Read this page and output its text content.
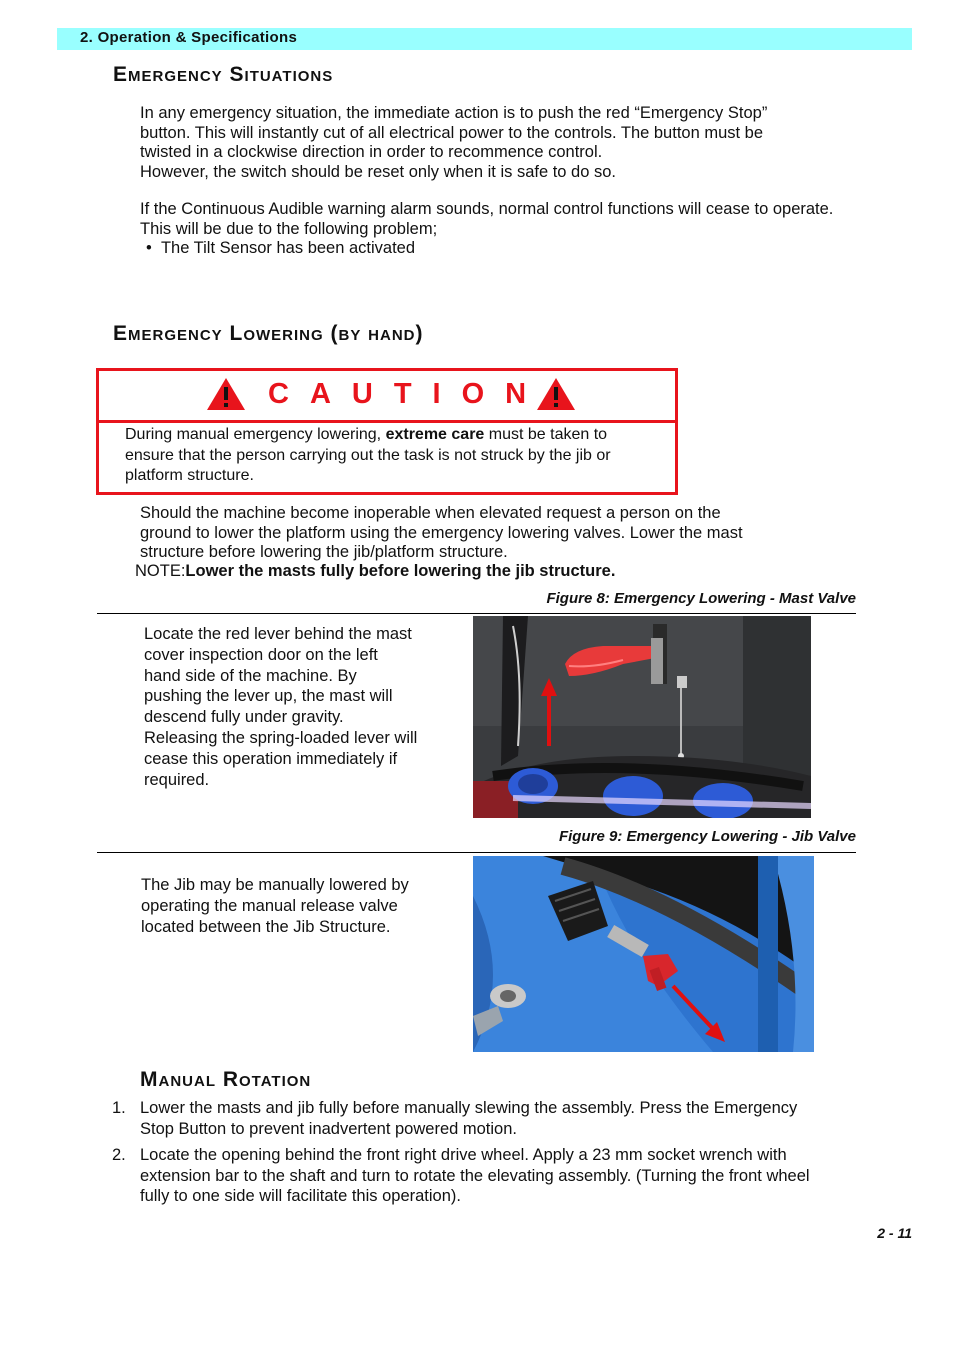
2. Operation & Specifications
Emergency Situations
In any emergency situation, the immediate action is to push the red “Emergency Stop”
button. This will instantly cut of all electrical power to the controls. The button must be
twisted in a clockwise direction in order to recommence control.
However, the switch should be reset only when it is safe to do so.
If the Continuous Audible warning alarm sounds, normal control functions will cease to operate.
This will be due to the following problem;
•  The Tilt Sensor has been activated
Emergency Lowering (by hand)
CAUTION
During manual emergency lowering, extreme care must be taken to ensure that the person carrying out the task is not struck by the jib or platform structure.
Should the machine become inoperable when elevated request a person on the
ground to lower the platform using the emergency lowering valves. Lower the mast
structure before lowering the jib/platform structure.
NOTE:Lower the masts fully before lowering the jib structure.
Figure 8: Emergency Lowering - Mast Valve
Locate the red lever behind the mast cover inspection door on the left hand side of the machine. By pushing the lever up, the mast will descend fully under gravity. Releasing the spring-loaded lever will cease this operation immediately if required.
Figure 9: Emergency Lowering - Jib Valve
The Jib may be manually lowered by operating the manual release valve located between the Jib Structure.
Manual Rotation
1. Lower the masts and jib fully before manually slewing the assembly. Press the Emergency Stop Button to prevent inadvertent powered motion.
2. Locate the opening behind the front right drive wheel. Apply a 23 mm socket wrench with extension bar to the shaft and turn to rotate the elevating assembly. (Turning the front wheel fully to one side will facilitate this operation).
2 - 11
